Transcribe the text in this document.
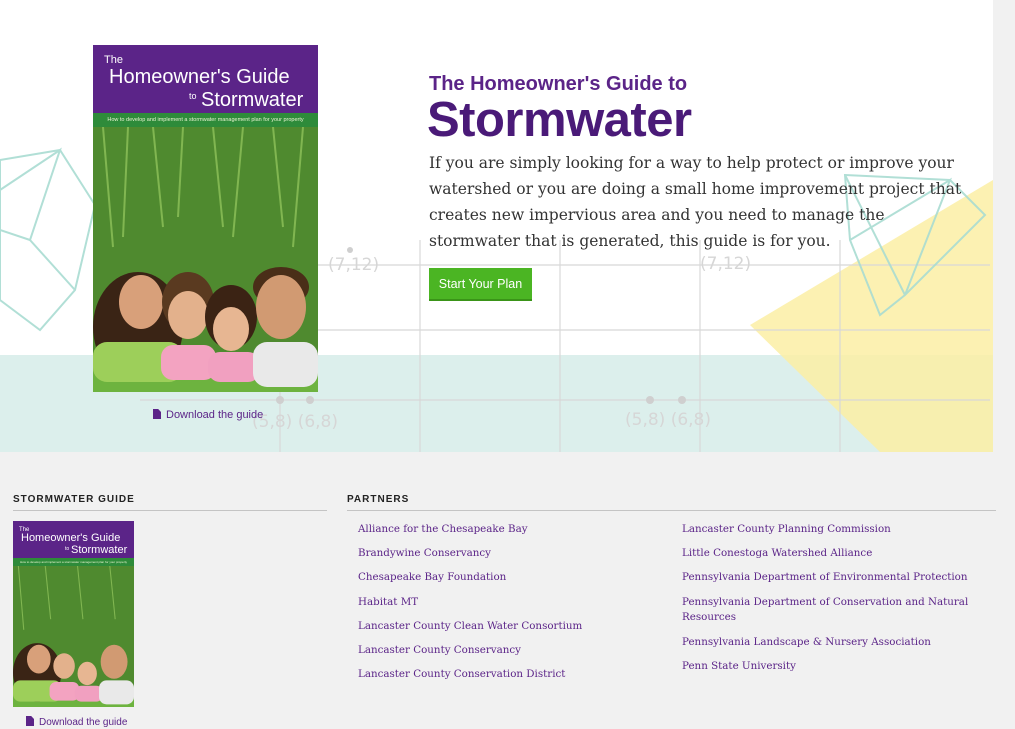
(7,12)	(7,12)
(5,8) (6,8)	(5,8) (6,8)
The
Homeowner's Guide
to Stormwater
How to develop and implement a stormwater management plan for your property
Download the guide
The Homeowner's Guide to
Stormwater

If you are simply looking for a way to help protect or improve your watershed or you are doing a small home improvement project that creates new impervious area and you need to manage the stormwater that is generated, this guide is for you.

Start Your Plan
STORMWATER GUIDE	PARTNERS
The
Homeowner's Guide
to Stormwater
How to develop and implement a stormwater management plan for your property
Download the guide
Alliance for the Chesapeake Bay
Brandywine Conservancy
Chesapeake Bay Foundation
Habitat MT
Lancaster County Clean Water Consortium
Lancaster County Conservancy
Lancaster County Conservation District
Lancaster County Planning Commission
Little Conestoga Watershed Alliance
Pennsylvania Department of Environmental Protection
Pennsylvania Department of Conservation and Natural Resources
Pennsylvania Landscape & Nursery Association
Penn State University
